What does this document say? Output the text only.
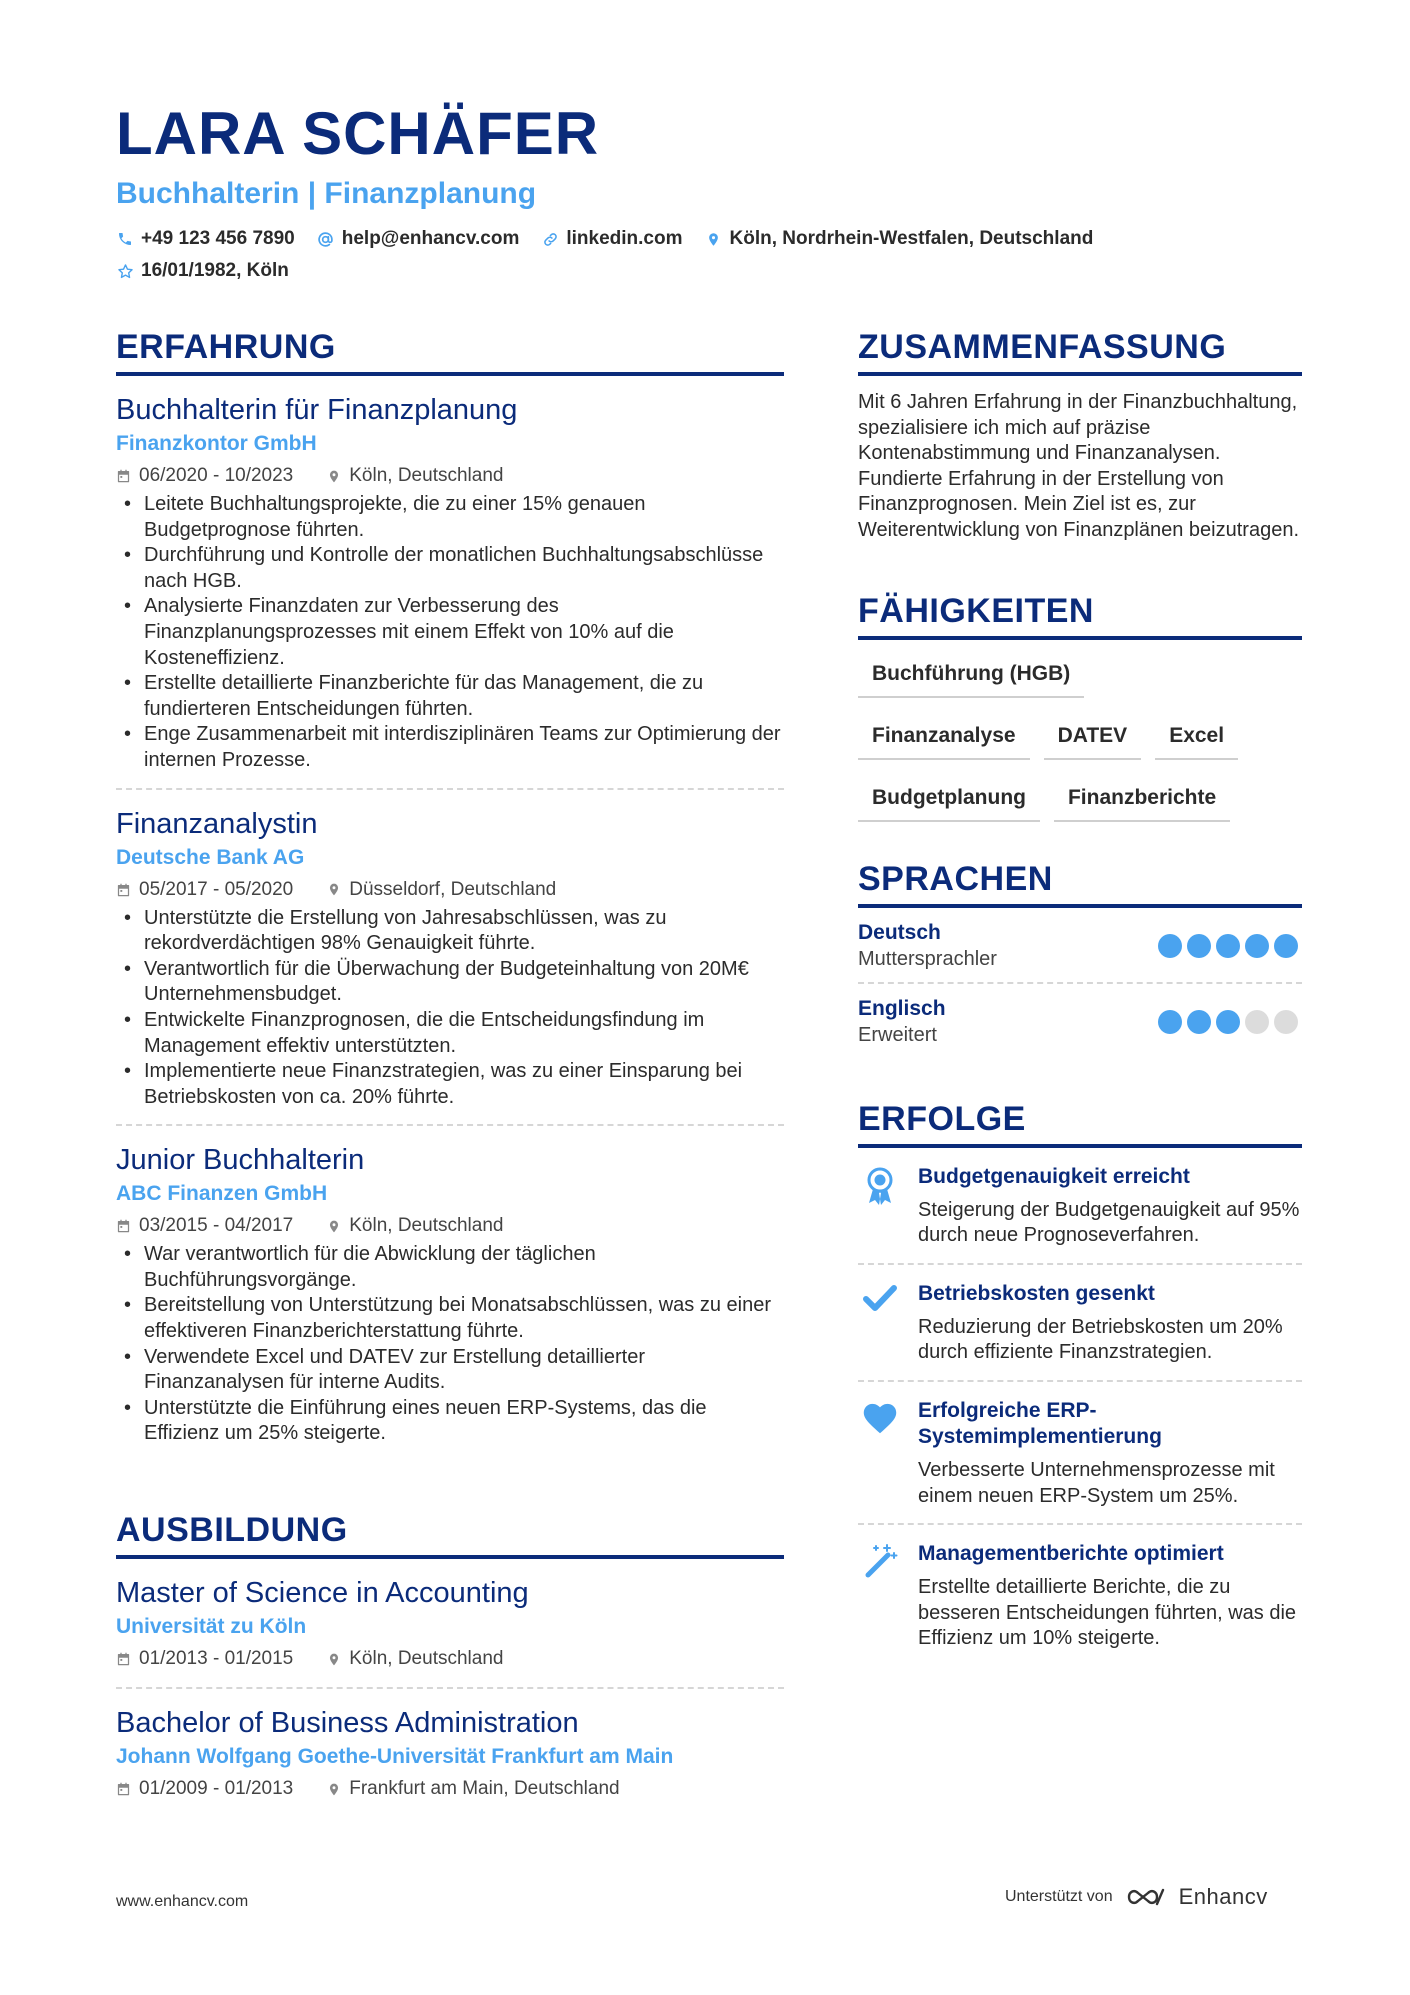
LARA SCHÄFER
Buchhalterin | Finanzplanung
+49 123 456 7890 help@enhancv.com linkedin.com Köln, Nordrhein-Westfalen, Deutschland
16/01/1982, Köln
ERFAHRUNG
Buchhalterin für Finanzplanung
Finanzkontor GmbH
06/2020 - 10/2023	Köln, Deutschland
• Leitete Buchhaltungsprojekte, die zu einer 15% genauen Budgetprognose führten.
• Durchführung und Kontrolle der monatlichen Buchhaltungsabschlüsse nach HGB.
• Analysierte Finanzdaten zur Verbesserung des Finanzplanungsprozesses mit einem Effekt von 10% auf die Kosteneffizienz.
• Erstellte detaillierte Finanzberichte für das Management, die zu fundierteren Entscheidungen führten.
• Enge Zusammenarbeit mit interdisziplinären Teams zur Optimierung der internen Prozesse.
Finanzanalystin
Deutsche Bank AG
05/2017 - 05/2020	Düsseldorf, Deutschland
• Unterstützte die Erstellung von Jahresabschlüssen, was zu rekordverdächtigen 98% Genauigkeit führte.
• Verantwortlich für die Überwachung der Budgeteinhaltung von 20M€ Unternehmensbudget.
• Entwickelte Finanzprognosen, die die Entscheidungsfindung im Management effektiv unterstützten.
• Implementierte neue Finanzstrategien, was zu einer Einsparung bei Betriebskosten von ca. 20% führte.
Junior Buchhalterin
ABC Finanzen GmbH
03/2015 - 04/2017	Köln, Deutschland
• War verantwortlich für die Abwicklung der täglichen Buchführungsvorgänge.
• Bereitstellung von Unterstützung bei Monatsabschlüssen, was zu einer effektiveren Finanzberichterstattung führte.
• Verwendete Excel und DATEV zur Erstellung detaillierter Finanzanalysen für interne Audits.
• Unterstützte die Einführung eines neuen ERP-Systems, das die Effizienz um 25% steigerte.
AUSBILDUNG
Master of Science in Accounting
Universität zu Köln
01/2013 - 01/2015	Köln, Deutschland
Bachelor of Business Administration
Johann Wolfgang Goethe-Universität Frankfurt am Main
01/2009 - 01/2013	Frankfurt am Main, Deutschland
ZUSAMMENFASSUNG
Mit 6 Jahren Erfahrung in der Finanzbuchhaltung, spezialisiere ich mich auf präzise Kontenabstimmung und Finanzanalysen. Fundierte Erfahrung in der Erstellung von Finanzprognosen. Mein Ziel ist es, zur Weiterentwicklung von Finanzplänen beizutragen.
FÄHIGKEITEN
Buchführung (HGB)
Finanzanalyse	DATEV	Excel
Budgetplanung	Finanzberichte
SPRACHEN
Deutsch
Muttersprachler
Englisch
Erweitert
ERFOLGE
Budgetgenauigkeit erreicht
Steigerung der Budgetgenauigkeit auf 95% durch neue Prognoseverfahren.
Betriebskosten gesenkt
Reduzierung der Betriebskosten um 20% durch effiziente Finanzstrategien.
Erfolgreiche ERP-Systemimplementierung
Verbesserte Unternehmensprozesse mit einem neuen ERP-System um 25%.
Managementberichte optimiert
Erstellte detaillierte Berichte, die zu besseren Entscheidungen führten, was die Effizienz um 10% steigerte.
www.enhancv.com	Unterstützt von	Enhancv
